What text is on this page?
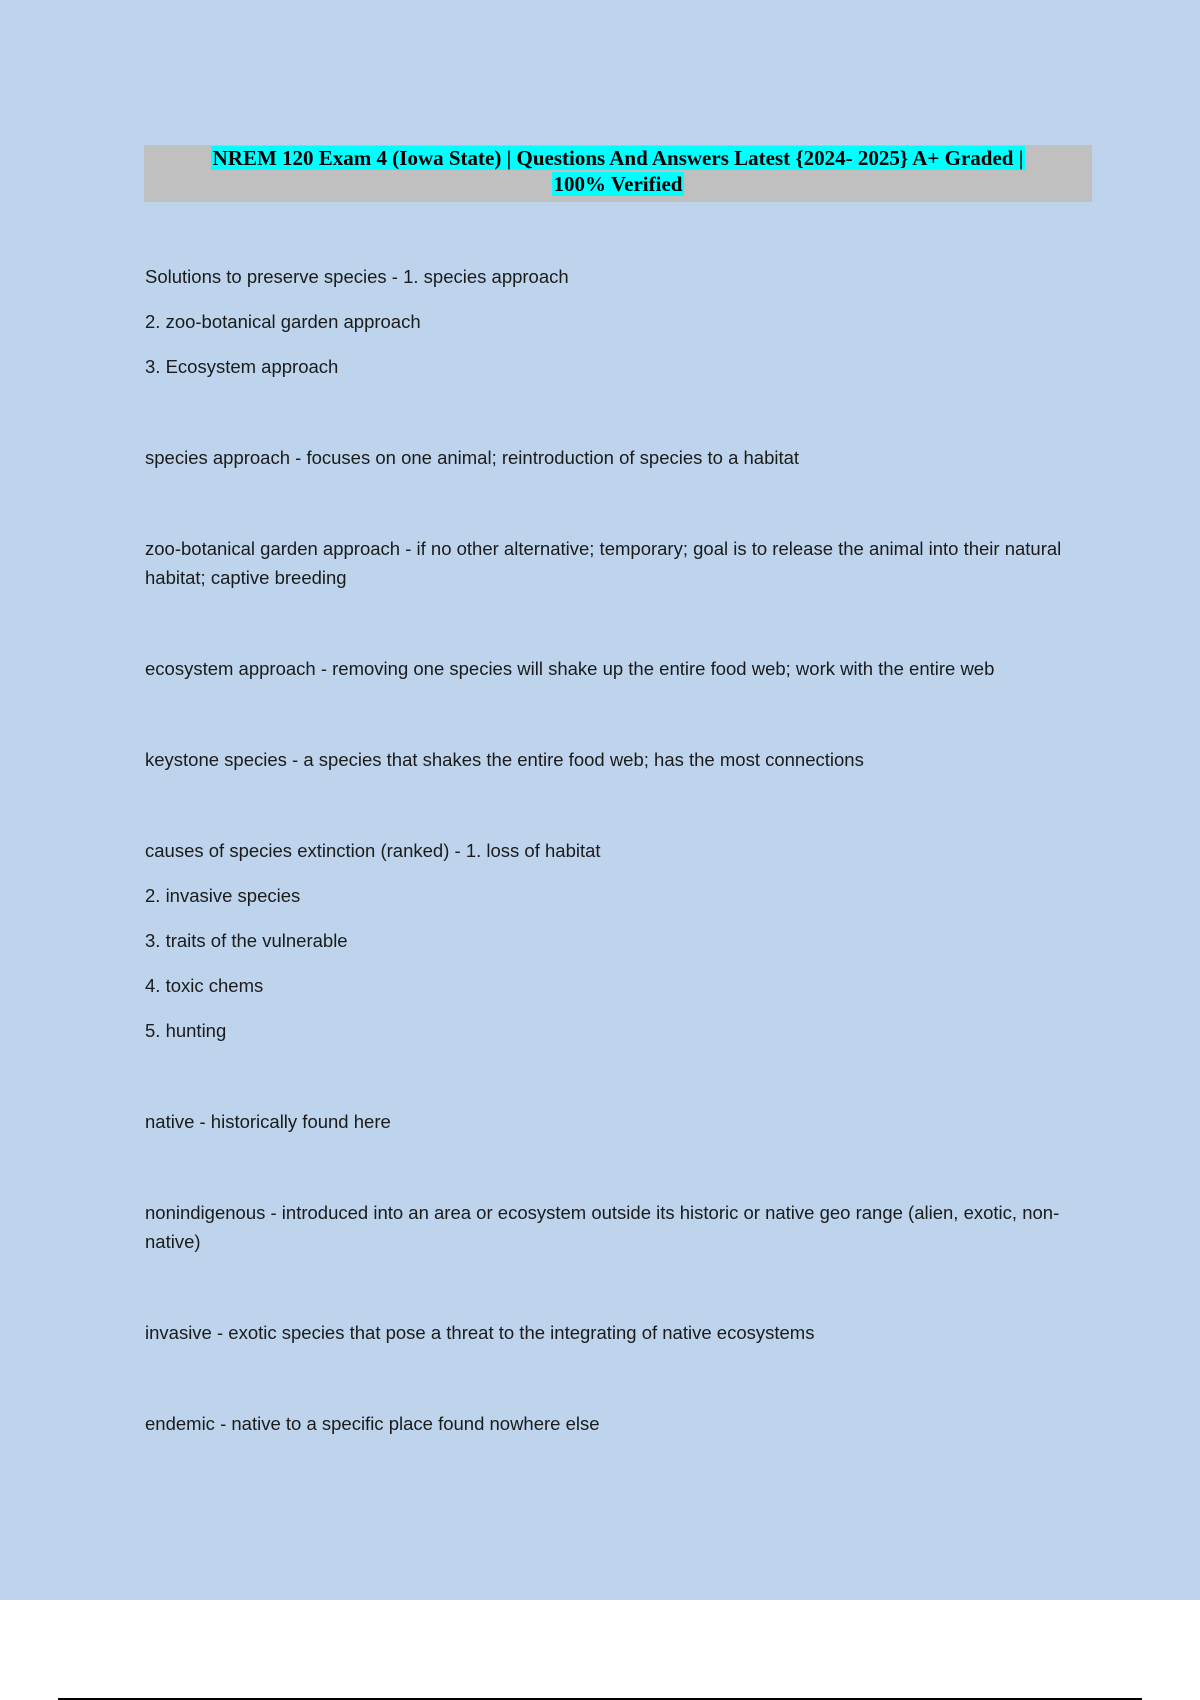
NREM 120 Exam 4 (Iowa State) | Questions And Answers Latest {2024- 2025} A+ Graded |
100% Verified

Solutions to preserve species - 1. species approach

2. zoo-botanical garden approach

3. Ecosystem approach

species approach - focuses on one animal; reintroduction of species to a habitat

zoo-botanical garden approach - if no other alternative; temporary; goal is to release the animal into their natural habitat; captive breeding

ecosystem approach - removing one species will shake up the entire food web; work with the entire web

keystone species - a species that shakes the entire food web; has the most connections

causes of species extinction (ranked) - 1. loss of habitat

2. invasive species

3. traits of the vulnerable

4. toxic chems

5. hunting

native - historically found here

nonindigenous - introduced into an area or ecosystem outside its historic or native geo range (alien, exotic, non-native)

invasive - exotic species that pose a threat to the integrating of native ecosystems

endemic - native to a specific place found nowhere else
